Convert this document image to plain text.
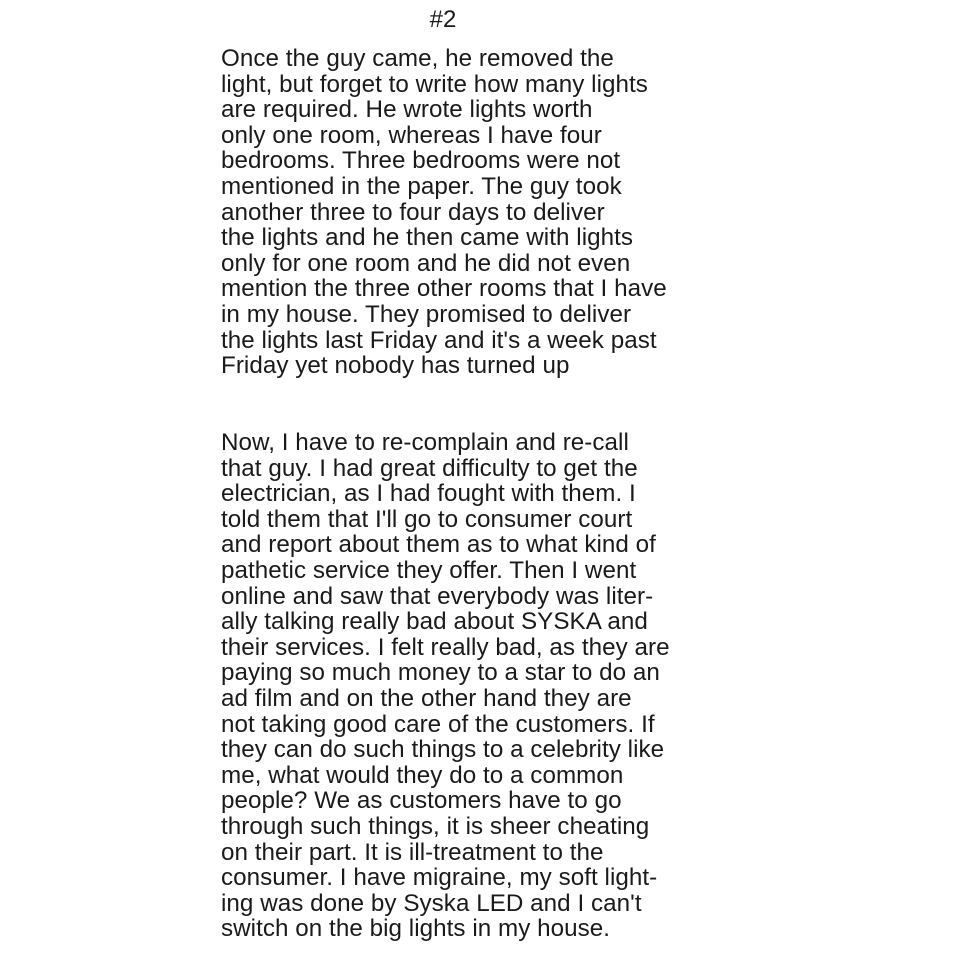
#2
Once the guy came, he removed the
light, but forget to write how many lights
are required. He wrote lights worth
only one room, whereas I have four
bedrooms. Three bedrooms were not
mentioned in the paper. The guy took
another three to four days to deliver
the lights and he then came with lights
only for one room and he did not even
mention the three other rooms that I have
in my house. They promised to deliver
the lights last Friday and it's a week past
Friday yet nobody has turned up
Now, I have to re-complain and re-call
that guy. I had great difficulty to get the
electrician, as I had fought with them. I
told them that I'll go to consumer court
and report about them as to what kind of
pathetic service they offer. Then I went
online and saw that everybody was liter-
ally talking really bad about SYSKA and
their services. I felt really bad, as they are
paying so much money to a star to do an
ad film and on the other hand they are
not taking good care of the customers. If
they can do such things to a celebrity like
me, what would they do to a common
people? We as customers have to go
through such things, it is sheer cheating
on their part. It is ill-treatment to the
consumer. I have migraine, my soft light-
ing was done by Syska LED and I can't
switch on the big lights in my house.
